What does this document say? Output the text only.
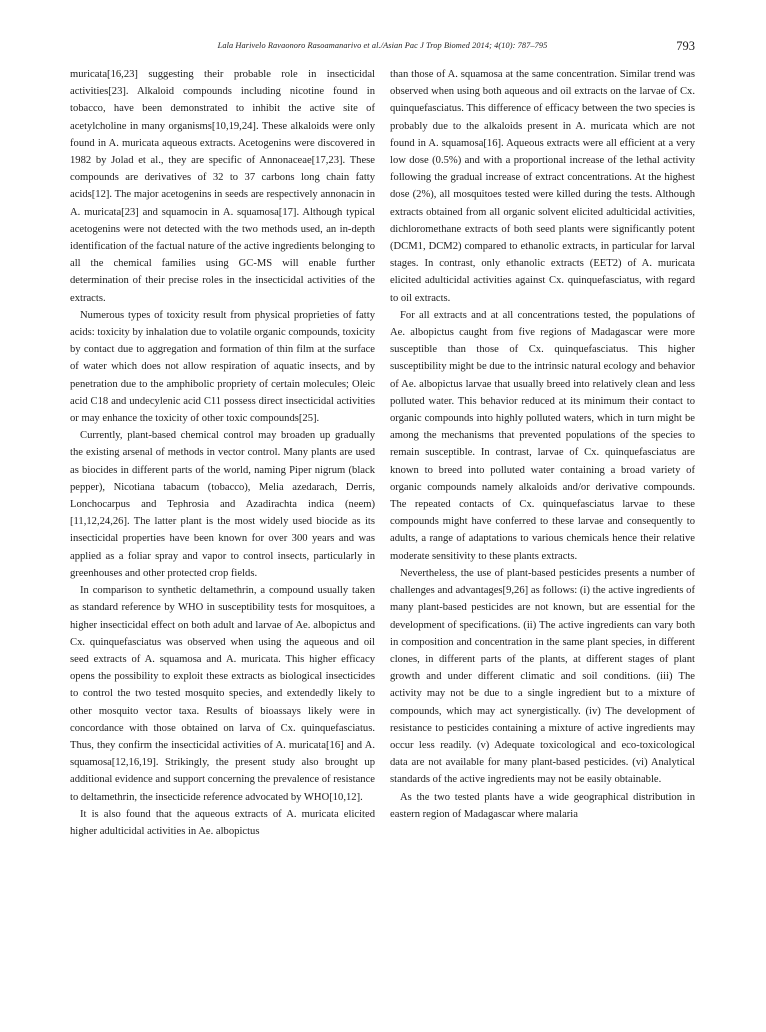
Lala Harivelo Ravaonoro Rasoamanarivo et al./Asian Pac J Trop Biomed 2014; 4(10): 787–795	793

muricata[16,23] suggesting their probable role in insecticidal activities[23]. Alkaloid compounds including nicotine found in tobacco, have been demonstrated to inhibit the active site of acetylcholine in many organisms[10,19,24]. These alkaloids were only found in A. muricata aqueous extracts. Acetogenins were discovered in 1982 by Jolad et al., they are specific of Annonaceae[17,23]. These compounds are derivatives of 32 to 37 carbons long chain fatty acids[12]. The major acetogenins in seeds are respectively annonacin in A. muricata[23] and squamocin in A. squamosa[17]. Although typical acetogenins were not detected with the two methods used, an in-depth identification of the factual nature of the active ingredients belonging to all the chemical families using GC-MS will enable further determination of their precise roles in the insecticidal activities of the extracts.

Numerous types of toxicity result from physical proprieties of fatty acids: toxicity by inhalation due to volatile organic compounds, toxicity by contact due to aggregation and formation of thin film at the surface of water which does not allow respiration of aquatic insects, and by penetration due to the amphibolic propriety of certain molecules; Oleic acid C18 and undecylenic acid C11 possess direct insecticidal activities or may enhance the toxicity of other toxic compounds[25].

Currently, plant-based chemical control may broaden up gradually the existing arsenal of methods in vector control. Many plants are used as biocides in different parts of the world, naming Piper nigrum (black pepper), Nicotiana tabacum (tobacco), Melia azedarach, Derris, Lonchocarpus and Tephrosia and Azadirachta indica (neem) [11,12,24,26]. The latter plant is the most widely used biocide as its insecticidal properties have been known for over 300 years and was applied as a foliar spray and vapor to control insects, particularly in greenhouses and other protected crop fields.

In comparison to synthetic deltamethrin, a compound usually taken as standard reference by WHO in susceptibility tests for mosquitoes, a higher insecticidal effect on both adult and larvae of Ae. albopictus and Cx. quinquefasciatus was observed when using the aqueous and oil seed extracts of A. squamosa and A. muricata. This higher efficacy opens the possibility to exploit these extracts as biological insecticides to control the two tested mosquito species, and extendedly likely to other mosquito vector taxa. Results of bioassays likely were in concordance with those obtained on larva of Cx. quinquefasciatus. Thus, they confirm the insecticidal activities of A. muricata[16] and A. squamosa[12,16,19]. Strikingly, the present study also brought up additional evidence and support concerning the prevalence of resistance to deltamethrin, the insecticide reference advocated by WHO[10,12].

It is also found that the aqueous extracts of A. muricata elicited higher adulticidal activities in Ae. albopictus

than those of A. squamosa at the same concentration. Similar trend was observed when using both aqueous and oil extracts on the larvae of Cx. quinquefasciatus. This difference of efficacy between the two species is probably due to the alkaloids present in A. muricata which are not found in A. squamosa[16]. Aqueous extracts were all efficient at a very low dose (0.5%) and with a proportional increase of the lethal activity following the gradual increase of extract concentrations. At the highest dose (2%), all mosquitoes tested were killed during the tests. Although extracts obtained from all organic solvent elicited adulticidal activities, dichloromethane extracts of both seed plants were significantly potent (DCM1, DCM2) compared to ethanolic extracts, in particular for larval stages. In contrast, only ethanolic extracts (EET2) of A. muricata elicited adulticidal activities against Cx. quinquefasciatus, with regard to oil extracts.

For all extracts and at all concentrations tested, the populations of Ae. albopictus caught from five regions of Madagascar were more susceptible than those of Cx. quinquefasciatus. This higher susceptibility might be due to the intrinsic natural ecology and behavior of Ae. albopictus larvae that usually breed into relatively clean and less polluted water. This behavior reduced at its minimum their contact to organic compounds into highly polluted waters, which in turn might be among the mechanisms that prevented populations of the species to remain susceptible. In contrast, larvae of Cx. quinquefasciatus are known to breed into polluted water containing a broad variety of organic compounds namely alkaloids and/or derivative compounds. The repeated contacts of Cx. quinquefasciatus larvae to these compounds might have conferred to these larvae and consequently to adults, a range of adaptations to various chemicals hence their relative moderate sensitivity to these plants extracts.

Nevertheless, the use of plant-based pesticides presents a number of challenges and advantages[9,26] as follows: (i) the active ingredients of many plant-based pesticides are not known, but are essential for the development of specifications. (ii) The active ingredients can vary both in composition and concentration in the same plant species, in different clones, in different parts of the plants, at different stages of plant growth and under different climatic and soil conditions. (iii) The activity may not be due to a single ingredient but to a mixture of compounds, which may act synergistically. (iv) The development of resistance to pesticides containing a mixture of active ingredients may occur less readily. (v) Adequate toxicological and eco-toxicological data are not available for many plant-based pesticides. (vi) Analytical standards of the active ingredients may not be easily obtainable.

As the two tested plants have a wide geographical distribution in eastern region of Madagascar where malaria
